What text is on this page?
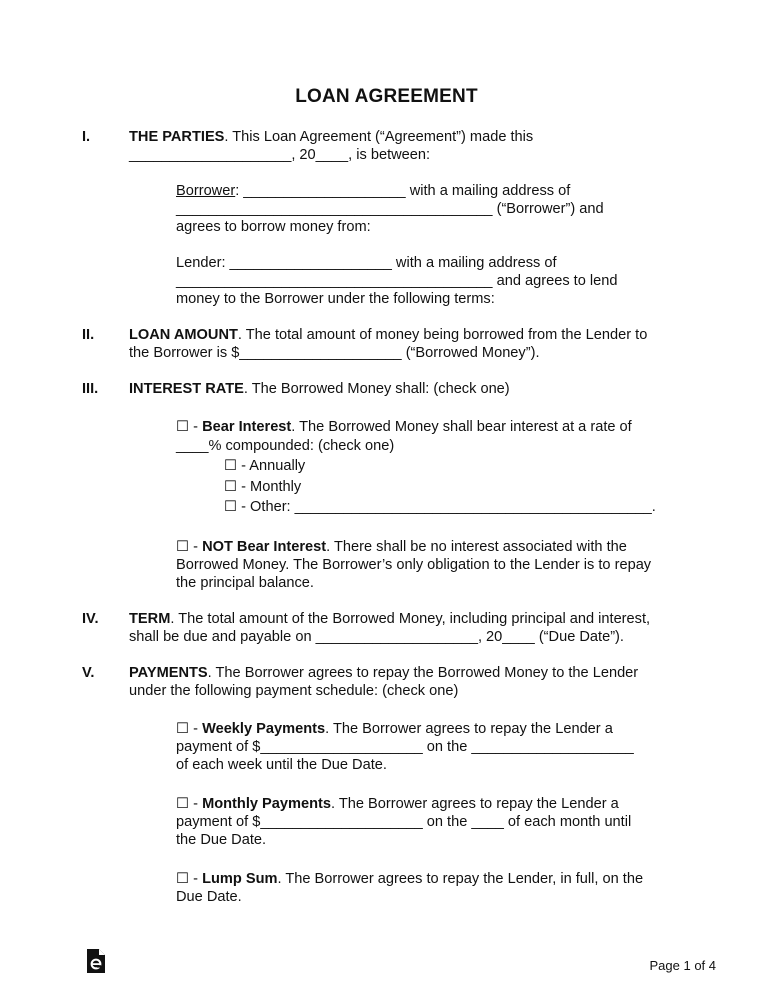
LOAN AGREEMENT
I.	THE PARTIES. This Loan Agreement (“Agreement”) made this
____________________, 20____, is between:
Borrower: ____________________ with a mailing address of
_______________________________________ (“Borrower”) and
agrees to borrow money from:
Lender: ____________________ with a mailing address of
_______________________________________ and agrees to lend
money to the Borrower under the following terms:
II. LOAN AMOUNT. The total amount of money being borrowed from the Lender to
the Borrower is $____________________ (“Borrowed Money”).
III. INTEREST RATE. The Borrowed Money shall: (check one)
☐ - Bear Interest. The Borrowed Money shall bear interest at a rate of
____% compounded: (check one)
☐ - Annually
☐ - Monthly
☐ - Other: ____________________________________________.
☐ - NOT Bear Interest. There shall be no interest associated with the
Borrowed Money. The Borrower’s only obligation to the Lender is to repay
the principal balance.
IV. TERM. The total amount of the Borrowed Money, including principal and interest,
shall be due and payable on ____________________, 20____ (“Due Date”).
V. PAYMENTS. The Borrower agrees to repay the Borrowed Money to the Lender
under the following payment schedule: (check one)
☐ - Weekly Payments. The Borrower agrees to repay the Lender a
payment of $____________________ on the ____________________
of each week until the Due Date.
☐ - Monthly Payments. The Borrower agrees to repay the Lender a
payment of $____________________ on the ____ of each month until
the Due Date.
☐ - Lump Sum. The Borrower agrees to repay the Lender, in full, on the
Due Date.
Page 1 of 4
